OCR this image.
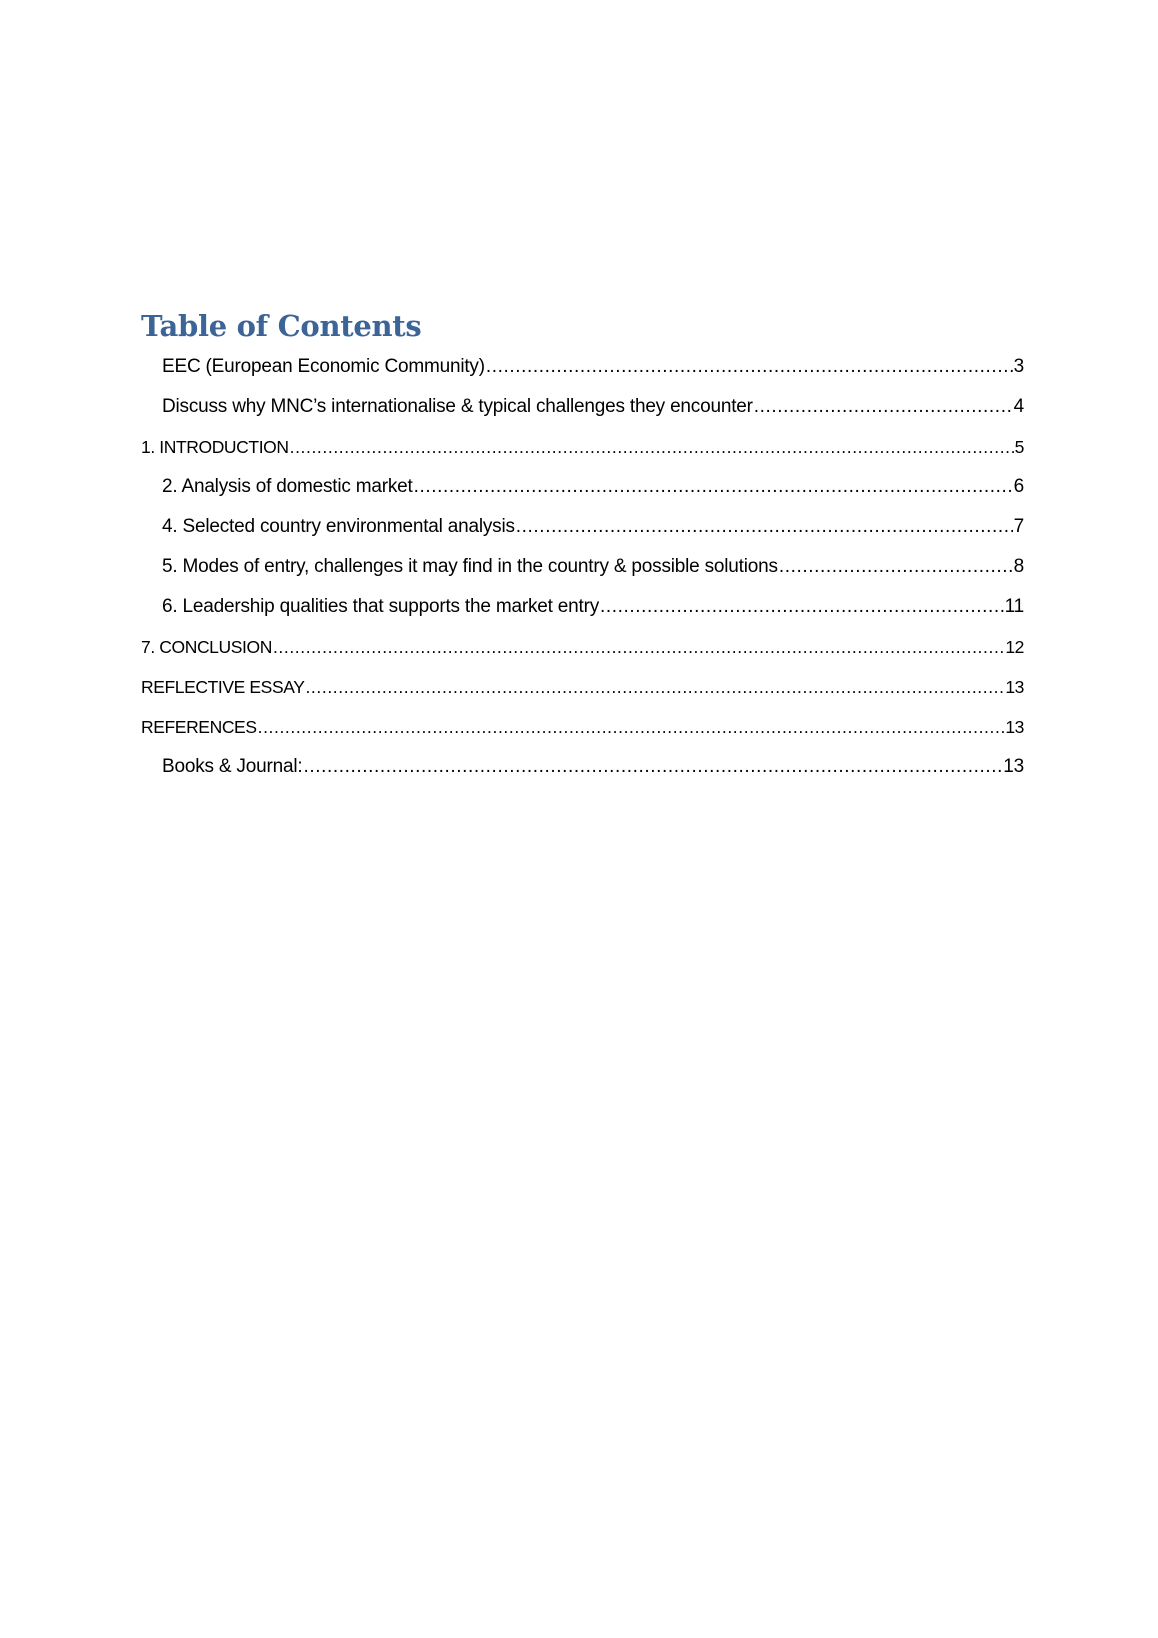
Table of Contents
EEC (European Economic Community) .....	3
Discuss why MNC’s internationalise & typical challenges they encounter .....	4
1. INTRODUCTION .....	5
2. Analysis of domestic market .....	6
4. Selected country environmental analysis .....	7
5. Modes of entry, challenges it may find in the country & possible solutions .....	8
6. Leadership qualities that supports the market entry .....	11
7. CONCLUSION .....	12
REFLECTIVE ESSAY .....	13
REFERENCES .....	13
Books & Journal: .....	13
